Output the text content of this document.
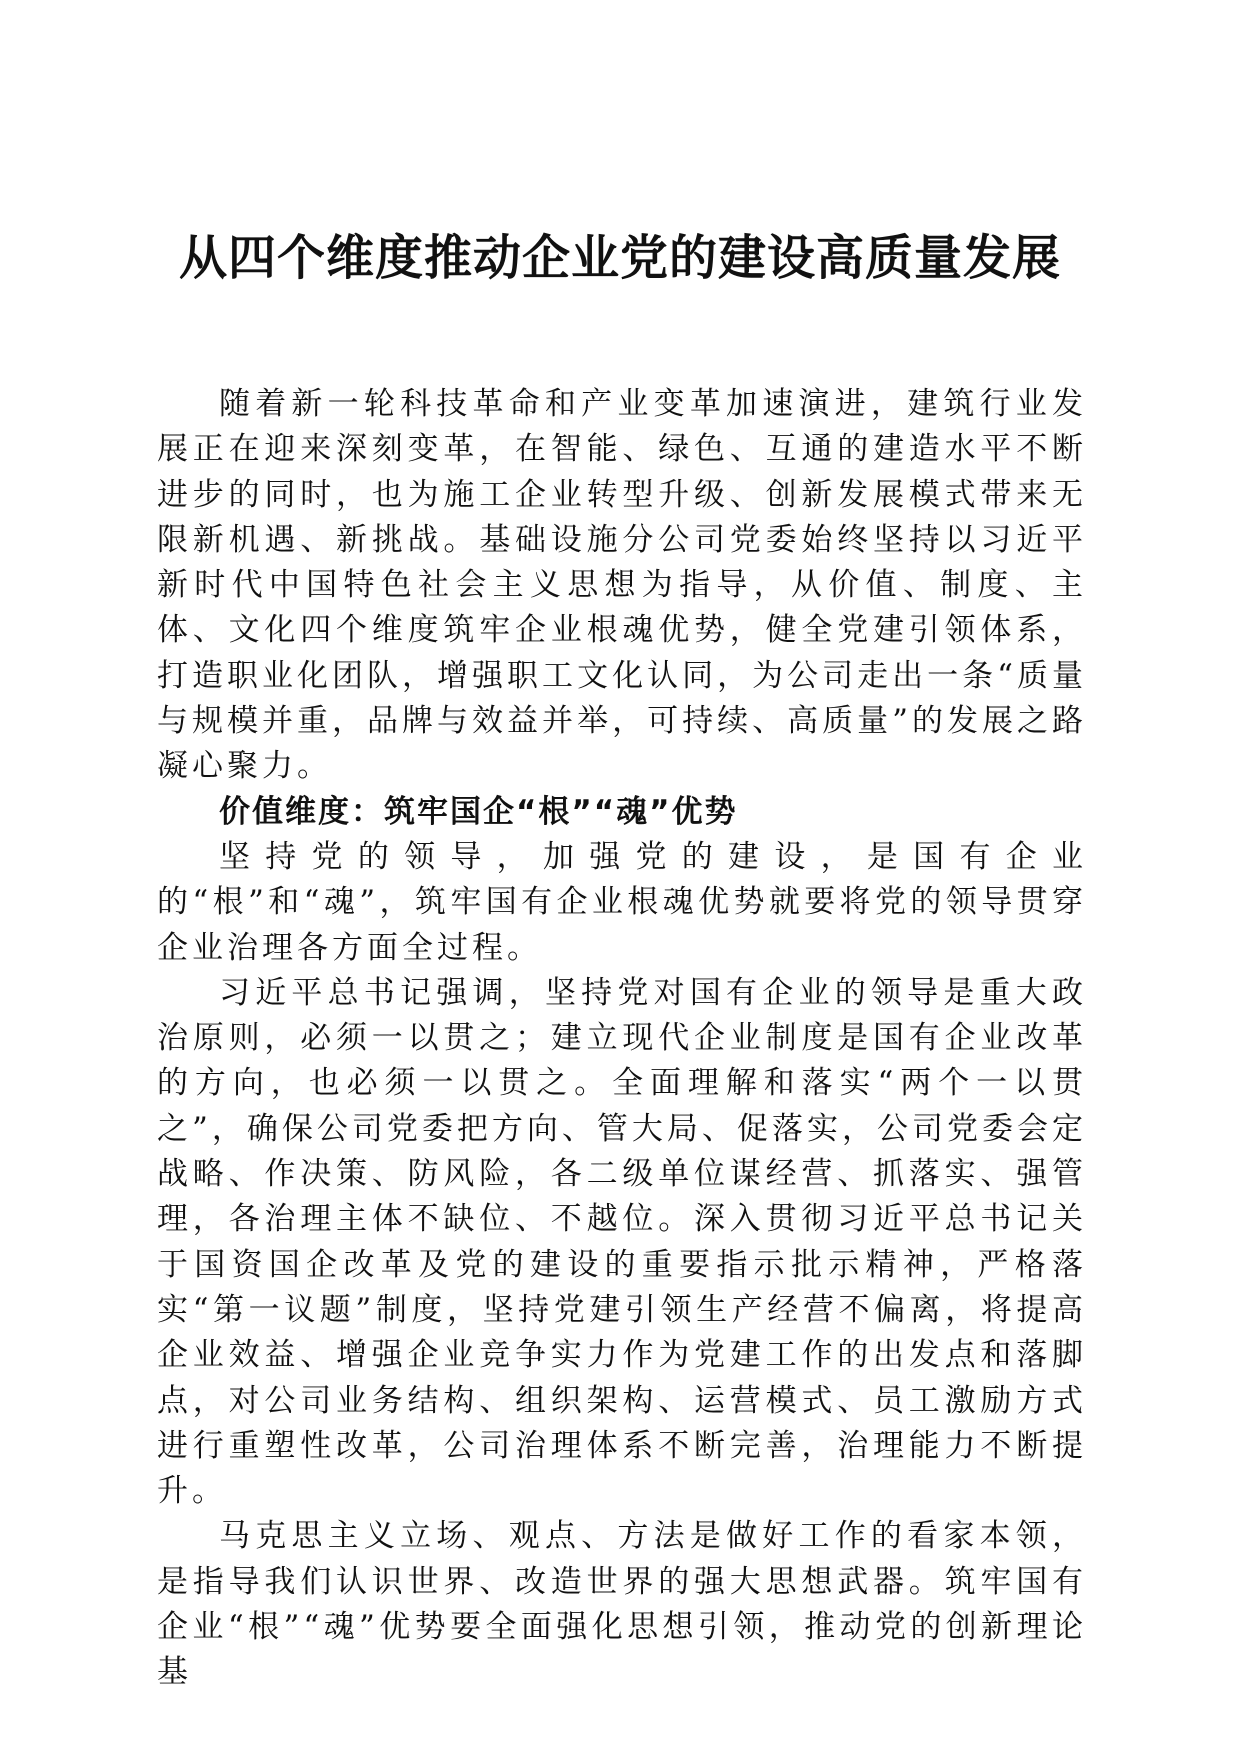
从四个维度推动企业党的建设高质量发展

随着新一轮科技革命和产业变革加速演进，建筑行业发展正在迎来深刻变革，在智能、绿色、互通的建造水平不断进步的同时，也为施工企业转型升级、创新发展模式带来无限新机遇、新挑战。基础设施分公司党委始终坚持以习近平新时代中国特色社会主义思想为指导，从价值、制度、主体、文化四个维度筑牢企业根魂优势，健全党建引领体系，打造职业化团队，增强职工文化认同，为公司走出一条“质量与规模并重，品牌与效益并举，可持续、高质量”的发展之路凝心聚力。

价值维度：筑牢国企“根”“魂”优势

坚持党的领导，加强党的建设，是国有企业的“根”和“魂”，筑牢国有企业根魂优势就要将党的领导贯穿企业治理各方面全过程。

习近平总书记强调，坚持党对国有企业的领导是重大政治原则，必须一以贯之；建立现代企业制度是国有企业改革的方向，也必须一以贯之。全面理解和落实“两个一以贯之”，确保公司党委把方向、管大局、促落实，公司党委会定战略、作决策、防风险，各二级单位谋经营、抓落实、强管理，各治理主体不缺位、不越位。深入贯彻习近平总书记关于国资国企改革及党的建设的重要指示批示精神，严格落实“第一议题”制度，坚持党建引领生产经营不偏离，将提高企业效益、增强企业竞争实力作为党建工作的出发点和落脚点，对公司业务结构、组织架构、运营模式、员工激励方式进行重塑性改革，公司治理体系不断完善，治理能力不断提升。

马克思主义立场、观点、方法是做好工作的看家本领，是指导我们认识世界、改造世界的强大思想武器。筑牢国有企业“根”“魂”优势要全面强化思想引领，推动党的创新理论基
